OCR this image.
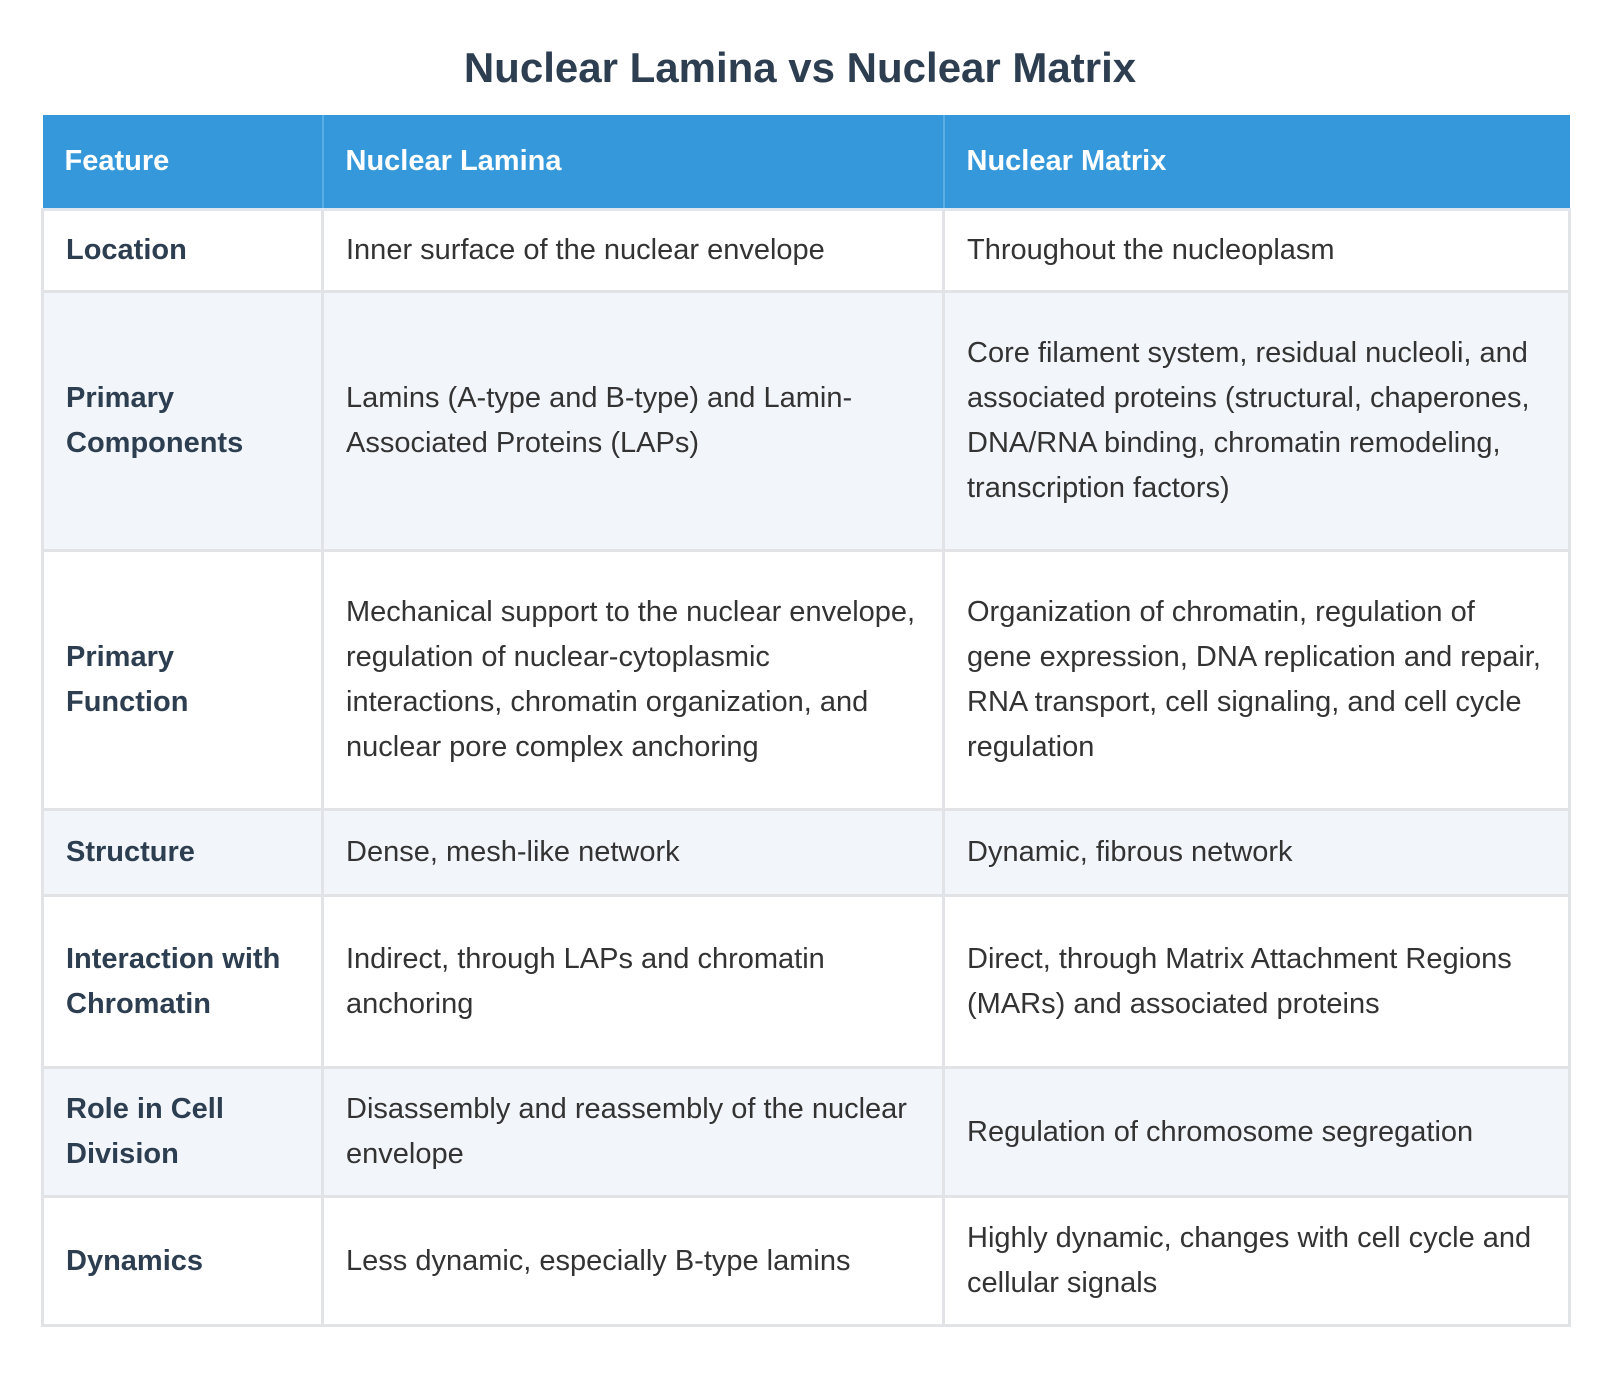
Nuclear Lamina vs Nuclear Matrix
Feature	Nuclear Lamina	Nuclear Matrix
Location	Inner surface of the nuclear envelope	Throughout the nucleoplasm
Primary Components	Lamins (A-type and B-type) and Lamin-Associated Proteins (LAPs)	Core filament system, residual nucleoli, and associated proteins (structural, chaperones, DNA/RNA binding, chromatin remodeling, transcription factors)
Primary Function	Mechanical support to the nuclear envelope, regulation of nuclear-cytoplasmic interactions, chromatin organization, and nuclear pore complex anchoring	Organization of chromatin, regulation of gene expression, DNA replication and repair, RNA transport, cell signaling, and cell cycle regulation
Structure	Dense, mesh-like network	Dynamic, fibrous network
Interaction with Chromatin	Indirect, through LAPs and chromatin anchoring	Direct, through Matrix Attachment Regions (MARs) and associated proteins
Role in Cell Division	Disassembly and reassembly of the nuclear envelope	Regulation of chromosome segregation
Dynamics	Less dynamic, especially B-type lamins	Highly dynamic, changes with cell cycle and cellular signals
